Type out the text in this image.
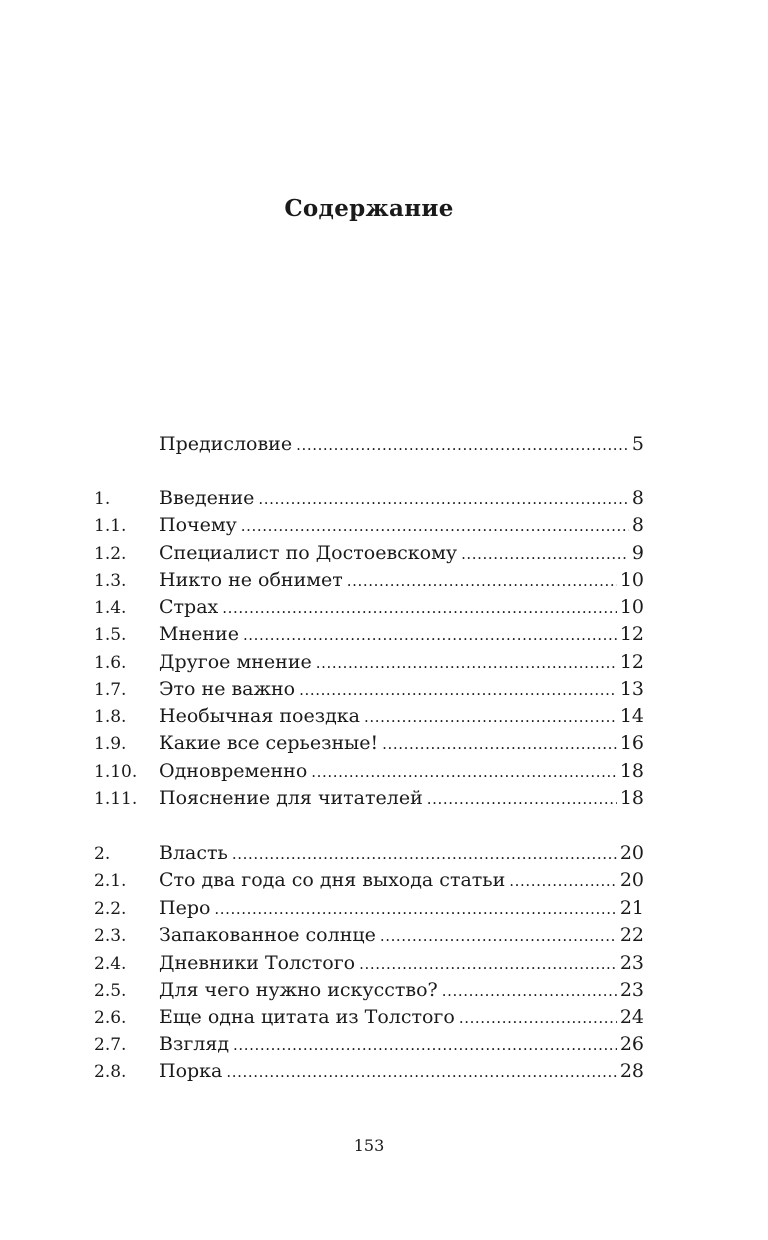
Содержание
Предисловие .....	5
1.	Введение .....	8
1.1.	Почему .....	8
1.2.	Специалист по Достоевскому .....	9
1.3.	Никто не обнимет .....	10
1.4.	Страх .....	10
1.5.	Мнение .....	12
1.6.	Другое мнение .....	12
1.7.	Это не важно .....	13
1.8.	Необычная поездка .....	14
1.9.	Какие все серьезные! .....	16
1.10.	Одновременно .....	18
1.11.	Пояснение для читателей .....	18
2.	Власть .....	20
2.1.	Сто два года со дня выхода статьи .....	20
2.2.	Перо .....	21
2.3.	Запакованное солнце .....	22
2.4.	Дневники Толстого .....	23
2.5.	Для чего нужно искусство? .....	23
2.6.	Еще одна цитата из Толстого .....	24
2.7.	Взгляд .....	26
2.8.	Порка .....	28
153
